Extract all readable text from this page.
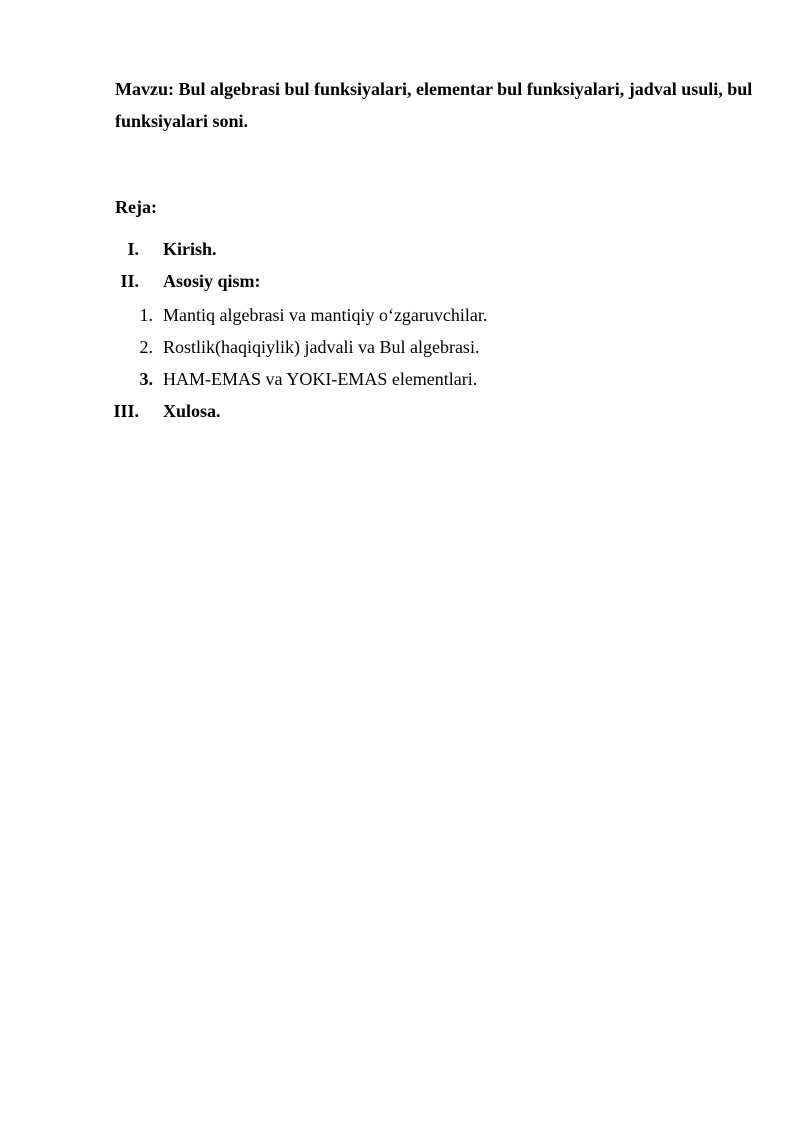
Mavzu: Bul algebrasi bul funksiyalari, elementar bul funksiyalari, jadval usuli, bul funksiyalari soni.

Reja:

I. Kirish.
II. Asosiy qism:
1. Mantiq algebrasi va mantiqiy o‘zgaruvchilar.
2. Rostlik(haqiqiylik) jadvali va Bul algebrasi.
3. HAM-EMAS va YOKI-EMAS elementlari.
III. Xulosa.
